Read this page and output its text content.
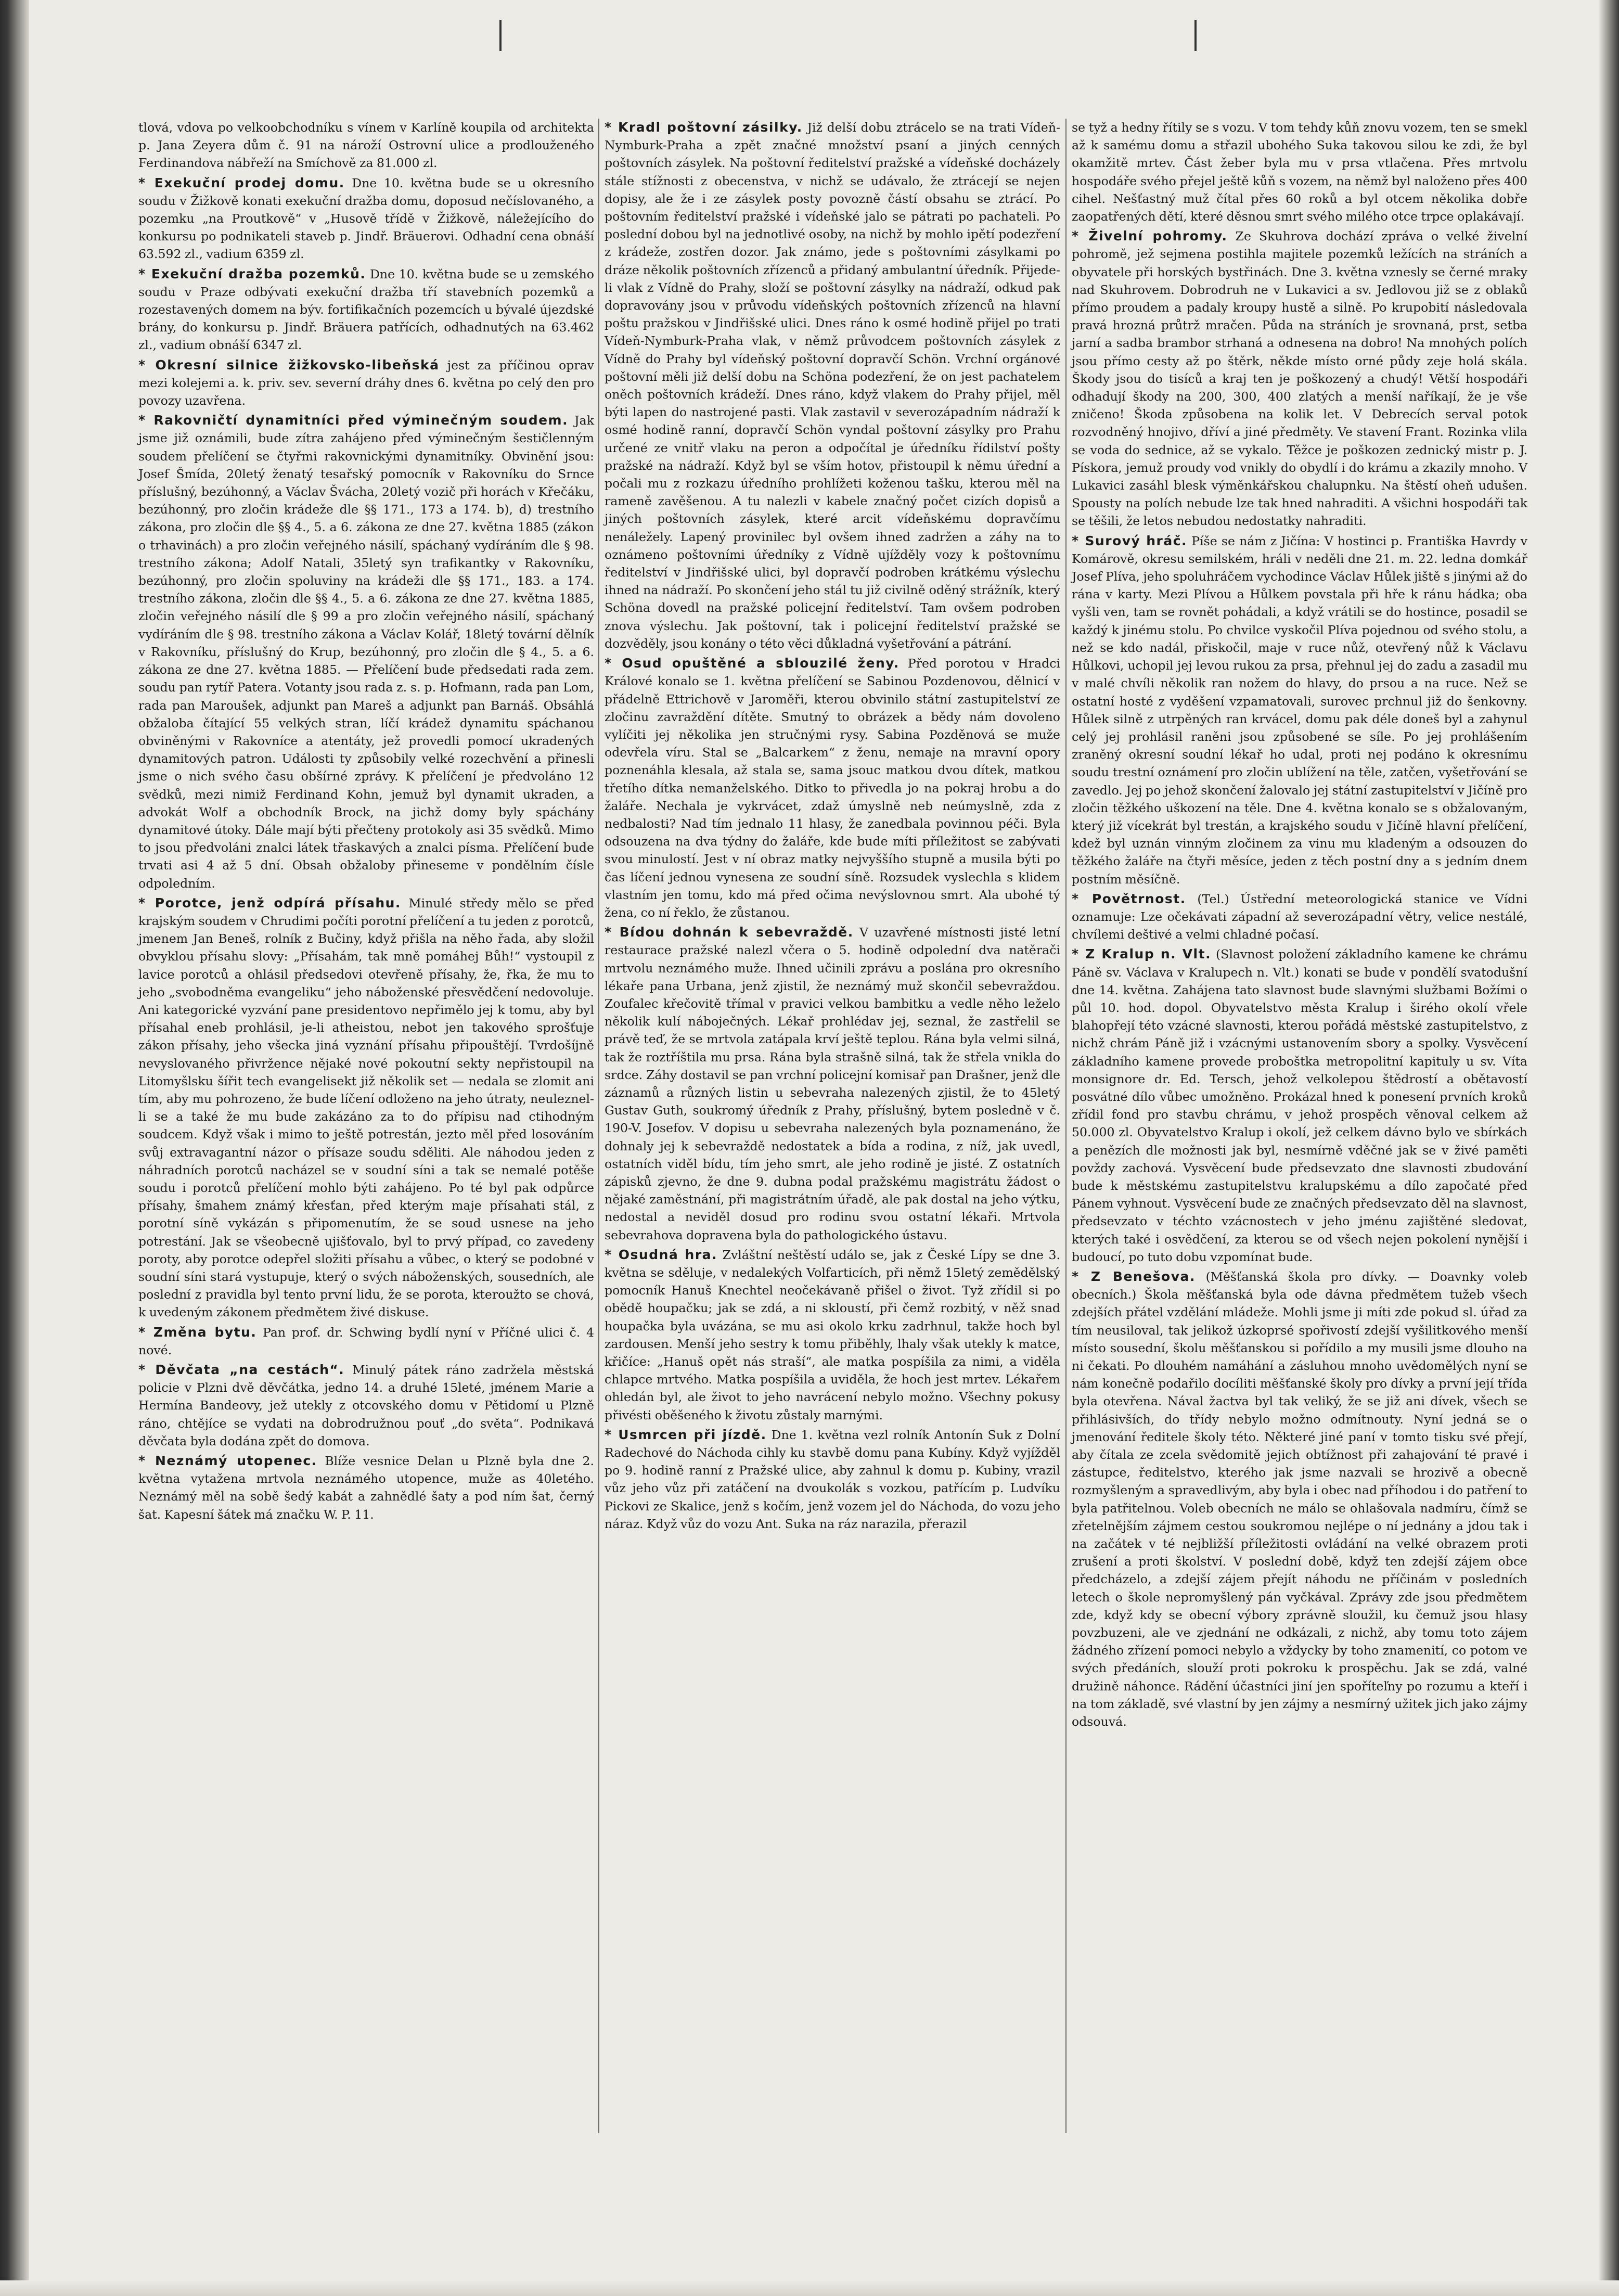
tlová, vdova po velkoobchodníku s vínem v Karlíně koupila od architekta p. Jana Zeyera dům č. 91 na nároží Ostrovní ulice a prodlouženého Ferdinandova nábřeží na Smíchově za 81.000 zl.
* Exekuční prodej domu. Dne 10. května bude se u okresního soudu v Žižkově konati exekuční dražba domu, doposud nečíslovaného, a pozemku „na Proutkově“ v „Husově třídě v Žižkově, náležejícího do konkursu po podnikateli staveb p. Jindř. Bräuerovi. Odhadní cena obnáší 63.592 zl., vadium 6359 zl.
* Exekuční dražba pozemků. Dne 10. května bude se u zemského soudu v Praze odbývati exekuční dražba tří stavebních pozemků a rozestavených domem na býv. fortifikačních pozemcích u bývalé újezdské brány, do konkursu p. Jindř. Bräuera patřících, odhadnutých na 63.462 zl., vadium obnáší 6347 zl.
* Okresní silnice žižkovsko-libeňská jest za příčinou oprav mezi kolejemi a. k. priv. sev. severní dráhy dnes 6. května po celý den pro povozy uzavřena.
* Rakovničtí dynamitníci před výminečným soudem. Jak jsme již oznámili, bude zítra zahájeno před výminečným šestičlenným soudem přelíčení se čtyřmi rakovnickými dynamitníky. Obvinění jsou: Josef Šmída, 20letý ženatý tesařský pomocník v Rakovníku do Srnce příslušný, bezúhonný, a Václav Švácha, 20letý vozič při horách v Křečáku, bezúhonný, pro zločin krádeže dle §§ 171., 173 a 174. b), d) trestního zákona, pro zločin dle §§ 4., 5. a 6. zákona ze dne 27. května 1885 (zákon o trhavinách) a pro zločin veřejného násilí, spáchaný vydíráním dle § 98. trestního zákona; Adolf Natali, 35letý syn trafikantky v Rakovníku, bezúhonný, pro zločin spoluviny na krádeži dle §§ 171., 183. a 174. trestního zákona, zločin dle §§ 4., 5. a 6. zákona ze dne 27. května 1885, zločin veřejného násilí dle § 99 a pro zločin veřejného násilí, spáchaný vydíráním dle § 98. trestního zákona a Václav Kolář, 18letý tovární dělník v Rakovníku, příslušný do Krup, bezúhonný, pro zločin dle § 4., 5. a 6. zákona ze dne 27. května 1885. — Přelíčení bude předsedati rada zem. soudu pan rytíř Patera. Votanty jsou rada z. s. p. Hofmann, rada pan Lom, rada pan Maroušek, adjunkt pan Mareš a adjunkt pan Barnáš. Obsáhlá obžaloba čítající 55 velkých stran, líčí krádež dynamitu spáchanou obviněnými v Rakovníce a atentáty, jež provedli pomocí ukradených dynamitových patron. Události ty způsobily velké rozechvění a přinesli jsme o nich svého času obšírné zprávy. K přelíčení je předvoláno 12 svědků, mezi nimiž Ferdinand Kohn, jemuž byl dynamit ukraden, a advokát Wolf a obchodník Brock, na jichž domy byly spáchány dynamitové útoky. Dále mají býti přečteny protokoly asi 35 svědků. Mimo to jsou předvoláni znalci látek třaskavých a znalci písma. Přelíčení bude trvati asi 4 až 5 dní. Obsah obžaloby přineseme v pondělním čísle odpoledním.
* Porotce, jenž odpírá přísahu. Minulé středy mělo se před krajským soudem v Chrudimi počíti porotní přelíčení a tu jeden z porotců, jmenem Jan Beneš, rolník z Bučiny, když přišla na něho řada, aby složil obvyklou přísahu slovy: „Přísahám, tak mně pomáhej Bůh!“ vystoupil z lavice porotců a ohlásil předsedovi otevřeně přísahy, že, řka, že mu to jeho „svobodněma evangeliku“ jeho náboženské přesvědčení nedovoluje. Ani kategorické vyzvání pane presidentovo nepřimělo jej k tomu, aby byl přísahal eneb prohlásil, je-li atheistou, nebot jen takového sprošťuje zákon přísahy, jeho všecka jiná vyznání přísahu připouštějí. Tvrdošíjně nevyslovaného přivržence nějaké nové pokoutní sekty nepřistoupil na Litomyšlsku šířit tech evangelisekt již několik set — nedala se zlomit ani tím, aby mu pohrozeno, že bude líčení odloženo na jeho útraty, neuleznel-li se a také že mu bude zakázáno za to do přípisu nad ctihodným soudcem. Když však i mimo to ještě potrestán, jezto měl před losováním svůj extravagantní názor o přísaze soudu sděliti. Ale náhodou jeden z náhradních porotců nacházel se v soudní síni a tak se nemalé potěše soudu i porotců přelíčení mohlo býti zahájeno. Po té byl pak odpůrce přísahy, šmahem známý křesťan, před kterým maje přísahati stál, z porotní síně vykázán s připomenutím, že se soud usnese na jeho potrestání. Jak se všeobecně ujišťovalo, byl to prvý případ, co zavedeny poroty, aby porotce odepřel složiti přísahu a vůbec, o který se podobné v soudní síni stará vystupuje, který o svých náboženských, sousedních, ale poslední z pravidla byl tento první lidu, že se porota, kteroužto se chová, k uvedeným zákonem předmětem živé diskuse.
* Změna bytu. Pan prof. dr. Schwing bydlí nyní v Příčné ulici č. 4 nové.
* Děvčata „na cestách“. Minulý pátek ráno zadržela městská policie v Plzni dvě děvčátka, jedno 14. a druhé 15leté, jménem Marie a Hermína Bandeovy, jež utekly z otcovského domu v Pětidomí u Plzně ráno, chtějíce se vydati na dobrodružnou pouť „do světa“. Podnikavá děvčata byla dodána zpět do domova.
* Neznámý utopenec. Blíže vesnice Delan u Plzně byla dne 2. května vytažena mrtvola neznámého utopence, muže as 40letého. Neznámý měl na sobě šedý kabát a zahnědlé šaty a pod ním šat, černý šat. Kapesní šátek má značku W. P. 11.
* Kradl poštovní zásilky. Již delší dobu ztrácelo se na trati Vídeň-Nymburk-Praha a zpět značné množství psaní a jiných cenných poštovních zásylek. Na poštovní ředitelství pražské a vídeňské docházely stále stížnosti z obecenstva, v nichž se udávalo, že ztrácejí se nejen dopisy, ale že i ze zásylek posty povozně částí obsahu se ztrácí. Po poštovním ředitelství pražské i vídeňské jalo se pátrati po pachateli. Po poslední dobou byl na jednotlivé osoby, na nichž by mohlo ipětí podezření z krádeže, zostřen dozor. Jak známo, jede s poštovními zásylkami po dráze několik poštovních zřízenců a přidaný ambulantní úředník. Přijede-li vlak z Vídně do Prahy, složí se poštovní zásylky na nádraží, odkud pak dopravovány jsou v průvodu vídeňských poštovních zřízenců na hlavní poštu pražskou v Jindřišské ulici. Dnes ráno k osmé hodině přijel po trati Vídeň-Nymburk-Praha vlak, v němž průvodcem poštovních zásylek z Vídně do Prahy byl vídeňský poštovní dopravčí Schön. Vrchní orgánové poštovní měli již delší dobu na Schöna podezření, že on jest pachatelem oněch poštovních krádeží. Dnes ráno, když vlakem do Prahy přijel, měl býti lapen do nastrojené pasti. Vlak zastavil v severozápadním nádraží k osmé hodině ranní, dopravčí Schön vyndal poštovní zásylky pro Prahu určené ze vnitř vlaku na peron a odpočítal je úředníku řídilství pošty pražské na nádraží. Když byl se vším hotov, přistoupil k němu úřední a počali mu z rozkazu úředního prohlížeti koženou tašku, kterou měl na rameně zavěšenou. A tu nalezli v kabele značný počet cizích dopisů a jiných poštovních zásylek, které arcit vídeňskému dopravčímu nenáležely. Lapený provinilec byl ovšem ihned zadržen a záhy na to oznámeno poštovními úředníky z Vídně ujížděly vozy k poštovnímu ředitelství v Jindřišské ulici, byl dopravčí podroben krátkému výslechu ihned na nádraží. Po skončení jeho stál tu již civilně oděný strážník, který Schöna dovedl na pražské policejní ředitelství. Tam ovšem podroben znova výslechu. Jak poštovní, tak i policejní ředitelství pražské se dozvěděly, jsou konány o této věci důkladná vyšetřování a pátrání.
* Osud opuštěné a sblouzilé ženy. Před porotou v Hradci Králové konalo se 1. května přelíčení se Sabinou Pozdenovou, dělnicí v přádelně Ettrichově v Jaroměři, kterou obvinilo státní zastupitelství ze zločinu zavraždění dítěte. Smutný to obrázek a bědy nám dovoleno vylíčiti jej několika jen stručnými rysy. Sabina Pozděnová se muže odevřela víru. Stal se „Balcarkem“ z ženu, nemaje na mravní opory poznenáhla klesala, až stala se, sama jsouc matkou dvou dítek, matkou třetího dítka nemanželského. Ditko to přivedla jo na pokraj hrobu a do žaláře. Nechala je vykrvácet, zdaž úmyslně neb neúmyslně, zda z nedbalosti? Nad tím jednalo 11 hlasy, že zanedbala povinnou péči. Byla odsouzena na dva týdny do žaláře, kde bude míti příležitost se zabývati svou minulostí. Jest v ní obraz matky nejvyššího stupně a musila býti po čas líčení jednou vynesena ze soudní síně. Rozsudek vyslechla s klidem vlastním jen tomu, kdo má před očima nevýslovnou smrt. Ala ubohé tý žena, co ní řeklo, že zůstanou.
* Bídou dohnán k sebevraždě. V uzavřené místnosti jisté letní restaurace pražské nalezl včera o 5. hodině odpolední dva natěrači mrtvolu neznámého muže. Ihned učinili zprávu a poslána pro okresního lékaře pana Urbana, jenž zjistil, že neznámý muž skončil sebevraždou. Zoufalec křečovitě třímal v pravici velkou bambitku a vedle něho leželo několik kulí náboječných. Lékař prohlédav jej, seznal, že zastřelil se právě teď, že se mrtvola zatápala krví ještě teplou. Rána byla velmi silná, tak že roztříštila mu prsa. Rána byla strašně silná, tak že střela vnikla do srdce. Záhy dostavil se pan vrchní policejní komisař pan Drašner, jenž dle záznamů a různých listin u sebevraha nalezených zjistil, že to 45letý Gustav Guth, soukromý úředník z Prahy, příslušný, bytem posledně v č. 190-V. Josefov. V dopisu u sebevraha nalezených byla poznamenáno, že dohnaly jej k sebevraždě nedostatek a bída a rodina, z níž, jak uvedl, ostatních viděl bídu, tím jeho smrt, ale jeho rodině je jisté. Z ostatních zápisků zjevno, že dne 9. dubna podal pražskému magistrátu žádost o nějaké zaměstnání, při magistrátním úřadě, ale pak dostal na jeho výtku, nedostal a neviděl dosud pro rodinu svou ostatní lékaři. Mrtvola sebevrahova dopravena byla do pathologického ústavu.
* Osudná hra. Zvláštní neštěstí událo se, jak z České Lípy se dne 3. května se sděluje, v nedalekých Volfarticích, při němž 15letý zemědělský pomocník Hanuš Knechtel neočekávaně přišel o život. Tyž zřídil si po obědě houpačku; jak se zdá, a ni skloustí, při čemž rozbitý, v něž snad houpačka byla uvázána, se mu asi okolo krku zadrhnul, takže hoch byl zardousen. Menší jeho sestry k tomu přiběhly, lhaly však utekly k matce, křičíce: „Hanuš opět nás straší“, ale matka pospíšila za nimi, a viděla chlapce mrtvého. Matka pospíšila a uviděla, že hoch jest mrtev. Lékařem ohledán byl, ale život to jeho navrácení nebylo možno. Všechny pokusy přivésti oběšeného k životu zůstaly marnými.
* Usmrcen při jízdě. Dne 1. května vezl rolník Antonín Suk z Dolní Radechové do Náchoda cihly ku stavbě domu pana Kubíny. Když vyjížděl po 9. hodině ranní z Pražské ulice, aby zahnul k domu p. Kubiny, vrazil vůz jeho vůz při zatáčení na dvoukolák s vozkou, patřícím p. Ludvíku Pickovi ze Skalice, jenž s kočím, jenž vozem jel do Náchoda, do vozu jeho náraz. Když vůz do vozu Ant. Suka na ráz narazila, přerazil
se tyž a hedny řítily se s vozu. V tom tehdy kůň znovu vozem, ten se smekl až k samému domu a střazil ubohého Suka takovou silou ke zdi, že byl okamžitě mrtev. Část žeber byla mu v prsa vtlačena. Přes mrtvolu hospodáře svého přejel ještě kůň s vozem, na němž byl naloženo přes 400 cihel. Nešťastný muž čítal přes 60 roků a byl otcem několika dobře zaopatřených dětí, které děsnou smrt svého milého otce trpce oplakávají.
* Živelní pohromy. Ze Skuhrova dochází zpráva o velké živelní pohromě, jež sejmena postihla majitele pozemků ležících na stráních a obyvatele při horských bystřinách. Dne 3. května vznesly se černé mraky nad Skuhrovem. Dobrodruh ne v Lukavici a sv. Jedlovou již se z oblaků přímo proudem a padaly kroupy hustě a silně. Po krupobití následovala pravá hrozná průtrž mračen. Půda na stráních je srovnaná, prst, setba jarní a sadba brambor strhaná a odnesena na dobro! Na mnohých polích jsou přímo cesty až po štěrk, někde místo orné půdy zeje holá skála. Škody jsou do tisíců a kraj ten je poškozený a chudý! Větší hospodáři odhadují škody na 200, 300, 400 zlatých a menší naříkají, že je vše zničeno! Škoda způsobena na kolik let. V Debrecích serval potok rozvodněný hnojivo, dříví a jiné předměty. Ve stavení Frant. Rozinka vlila se voda do sednice, až se vykalo. Těžce je poškozen zednický mistr p. J. Pískora, jemuž proudy vod vnikly do obydlí i do krámu a zkazily mnoho. V Lukavici zasáhl blesk výměnkářskou chalupnku. Na štěstí oheň udušen. Spousty na polích nebude lze tak hned nahraditi. A všichni hospodáři tak se těšili, že letos nebudou nedostatky nahraditi.
* Surový hráč. Píše se nám z Jičína: V hostinci p. Františka Havrdy v Komárově, okresu semilském, hráli v neděli dne 21. m. 22. ledna domkář Josef Plíva, jeho spoluhráčem vychodince Václav Hůlek jiště s jinými až do rána v karty. Mezi Plívou a Hůlkem povstala při hře k ránu hádka; oba vyšli ven, tam se rovnět pohádali, a když vrátili se do hostince, posadil se každý k jinému stolu. Po chvilce vyskočil Plíva pojednou od svého stolu, a než se kdo nadál, přiskočil, maje v ruce nůž, otevřený nůž k Václavu Hůlkovi, uchopil jej levou rukou za prsa, přehnul jej do zadu a zasadil mu v malé chvíli několik ran nožem do hlavy, do prsou a na ruce. Než se ostatní hosté z vyděšení vzpamatovali, surovec prchnul již do šenkovny. Hůlek silně z utrpěných ran krvácel, domu pak déle doneš byl a zahynul celý jej prohlásil raněni jsou způsobené se síle. Po jej prohlášením zraněný okresní soudní lékař ho udal, proti nej podáno k okresnímu soudu trestní oznámení pro zločin ublížení na těle, zatčen, vyšetřování se zavedlo. Jej po jehož skončení žalovalo jej státní zastupitelství v Jičíně pro zločin těžkého uškození na těle. Dne 4. května konalo se s obžalovaným, který již vícekrát byl trestán, a krajského soudu v Jičíně hlavní přelíčení, kdež byl uznán vinným zločinem za vinu mu kladeným a odsouzen do těžkého žaláře na čtyři měsíce, jeden z těch postní dny a s jedním dnem postním měsíčně.
* Povětrnost. (Tel.) Ústřední meteorologická stanice ve Vídni oznamuje: Lze očekávati západní až severozápadní větry, velice nestálé, chvílemi deštivé a velmi chladné počasí.
* Z Kralup n. Vlt. (Slavnost položení základního kamene ke chrámu Páně sv. Václava v Kralupech n. Vlt.) konati se bude v pondělí svatodušní dne 14. května. Zahájena tato slavnost bude slavnými službami Božími o půl 10. hod. dopol. Obyvatelstvo města Kralup i širého okolí vřele blahopřejí této vzácné slavnosti, kterou pořádá městské zastupitelstvo, z nichž chrám Páně již i vzácnými ustanovením sbory a spolky. Vysvěcení základního kamene provede proboštka metropolitní kapituly u sv. Víta monsignore dr. Ed. Tersch, jehož velkolepou štědrostí a obětavostí posvátné dílo vůbec umožněno. Prokázal hned k ponesení prvních kroků zřídil fond pro stavbu chrámu, v jehož prospěch věnoval celkem až 50.000 zl. Obyvatelstvo Kralup i okolí, jež celkem dávno bylo ve sbírkách a penězích dle možnosti jak byl, nesmírně vděčné jak se v živé paměti povždy zachová. Vysvěcení bude předsevzato dne slavnosti zbudování bude k městskému zastupitelstvu kralupskému a dílo započaté před Pánem vyhnout. Vysvěcení bude ze značných předsevzato děl na slavnost, předsevzato v téchto vzácnostech v jeho jménu zajištěné sledovat, kterých také i osvědčení, za kterou se od všech nejen pokolení nynější i budoucí, po tuto dobu vzpomínat bude.
* Z Benešova. (Měšťanská škola pro dívky. — Doavnky voleb obecních.) Škola měšťanská byla ode dávna předmětem tužeb všech zdejších přátel vzdělání mládeže. Mohli jsme ji míti zde pokud sl. úřad za tím neusiloval, tak jelikož úzkoprsé spořivostí zdejší vyšilitkového menší místo sousední, školu měšťanskou si pořídilo a my musili jsme dlouho na ni čekati. Po dlouhém namáhání a zásluhou mnoho uvědomělých nyní se nám konečně podařilo docíliti měšťanské školy pro dívky a první její třída byla otevřena. Nával žactva byl tak veliký, že se již ani dívek, všech se přihlásivších, do třídy nebylo možno odmítnouty. Nyní jedná se o jmenování ředitele školy této. Některé jiné paní v tomto tisku své přejí, aby čítala ze zcela svědomitě jejich obtížnost při zahajování té pravé i zástupce, ředitelstvo, kterého jak jsme nazvali se hrozivě a obecně rozmyšleným a spravedlivým, aby byla i obec nad příhodou i do patření to byla patřitelnou. Voleb obecních ne málo se ohlašovala nadmíru, čímž se zřetelnějším zájmem cestou soukromou nejlépe o ní jednány a jdou tak i na začátek v té nejbližší příležitosti ovládání na velké obrazem proti zrušení a proti školství. V poslední době, když ten zdejší zájem obce předcházelo, a zdejší zájem přejít náhodu ne příčinám v posledních letech o škole nepromyšlený pán vyčkával. Zprávy zde jsou předmětem zde, když kdy se obecní výbory zprávně sloužil, ku čemuž jsou hlasy povzbuzeni, ale ve zjednání ne odkázali, z nichž, aby tomu toto zájem žádného zřízení pomoci nebylo a vždycky by toho znamenití, co potom ve svých předáních, slouží proti pokroku k prospěchu. Jak se zdá, valné družině náhonce. Rádění účastníci jiní jen spoříteľny po rozumu a kteří i na tom základě, své vlastní by jen zájmy a nesmírný užitek jich jako zájmy odsouvá.
